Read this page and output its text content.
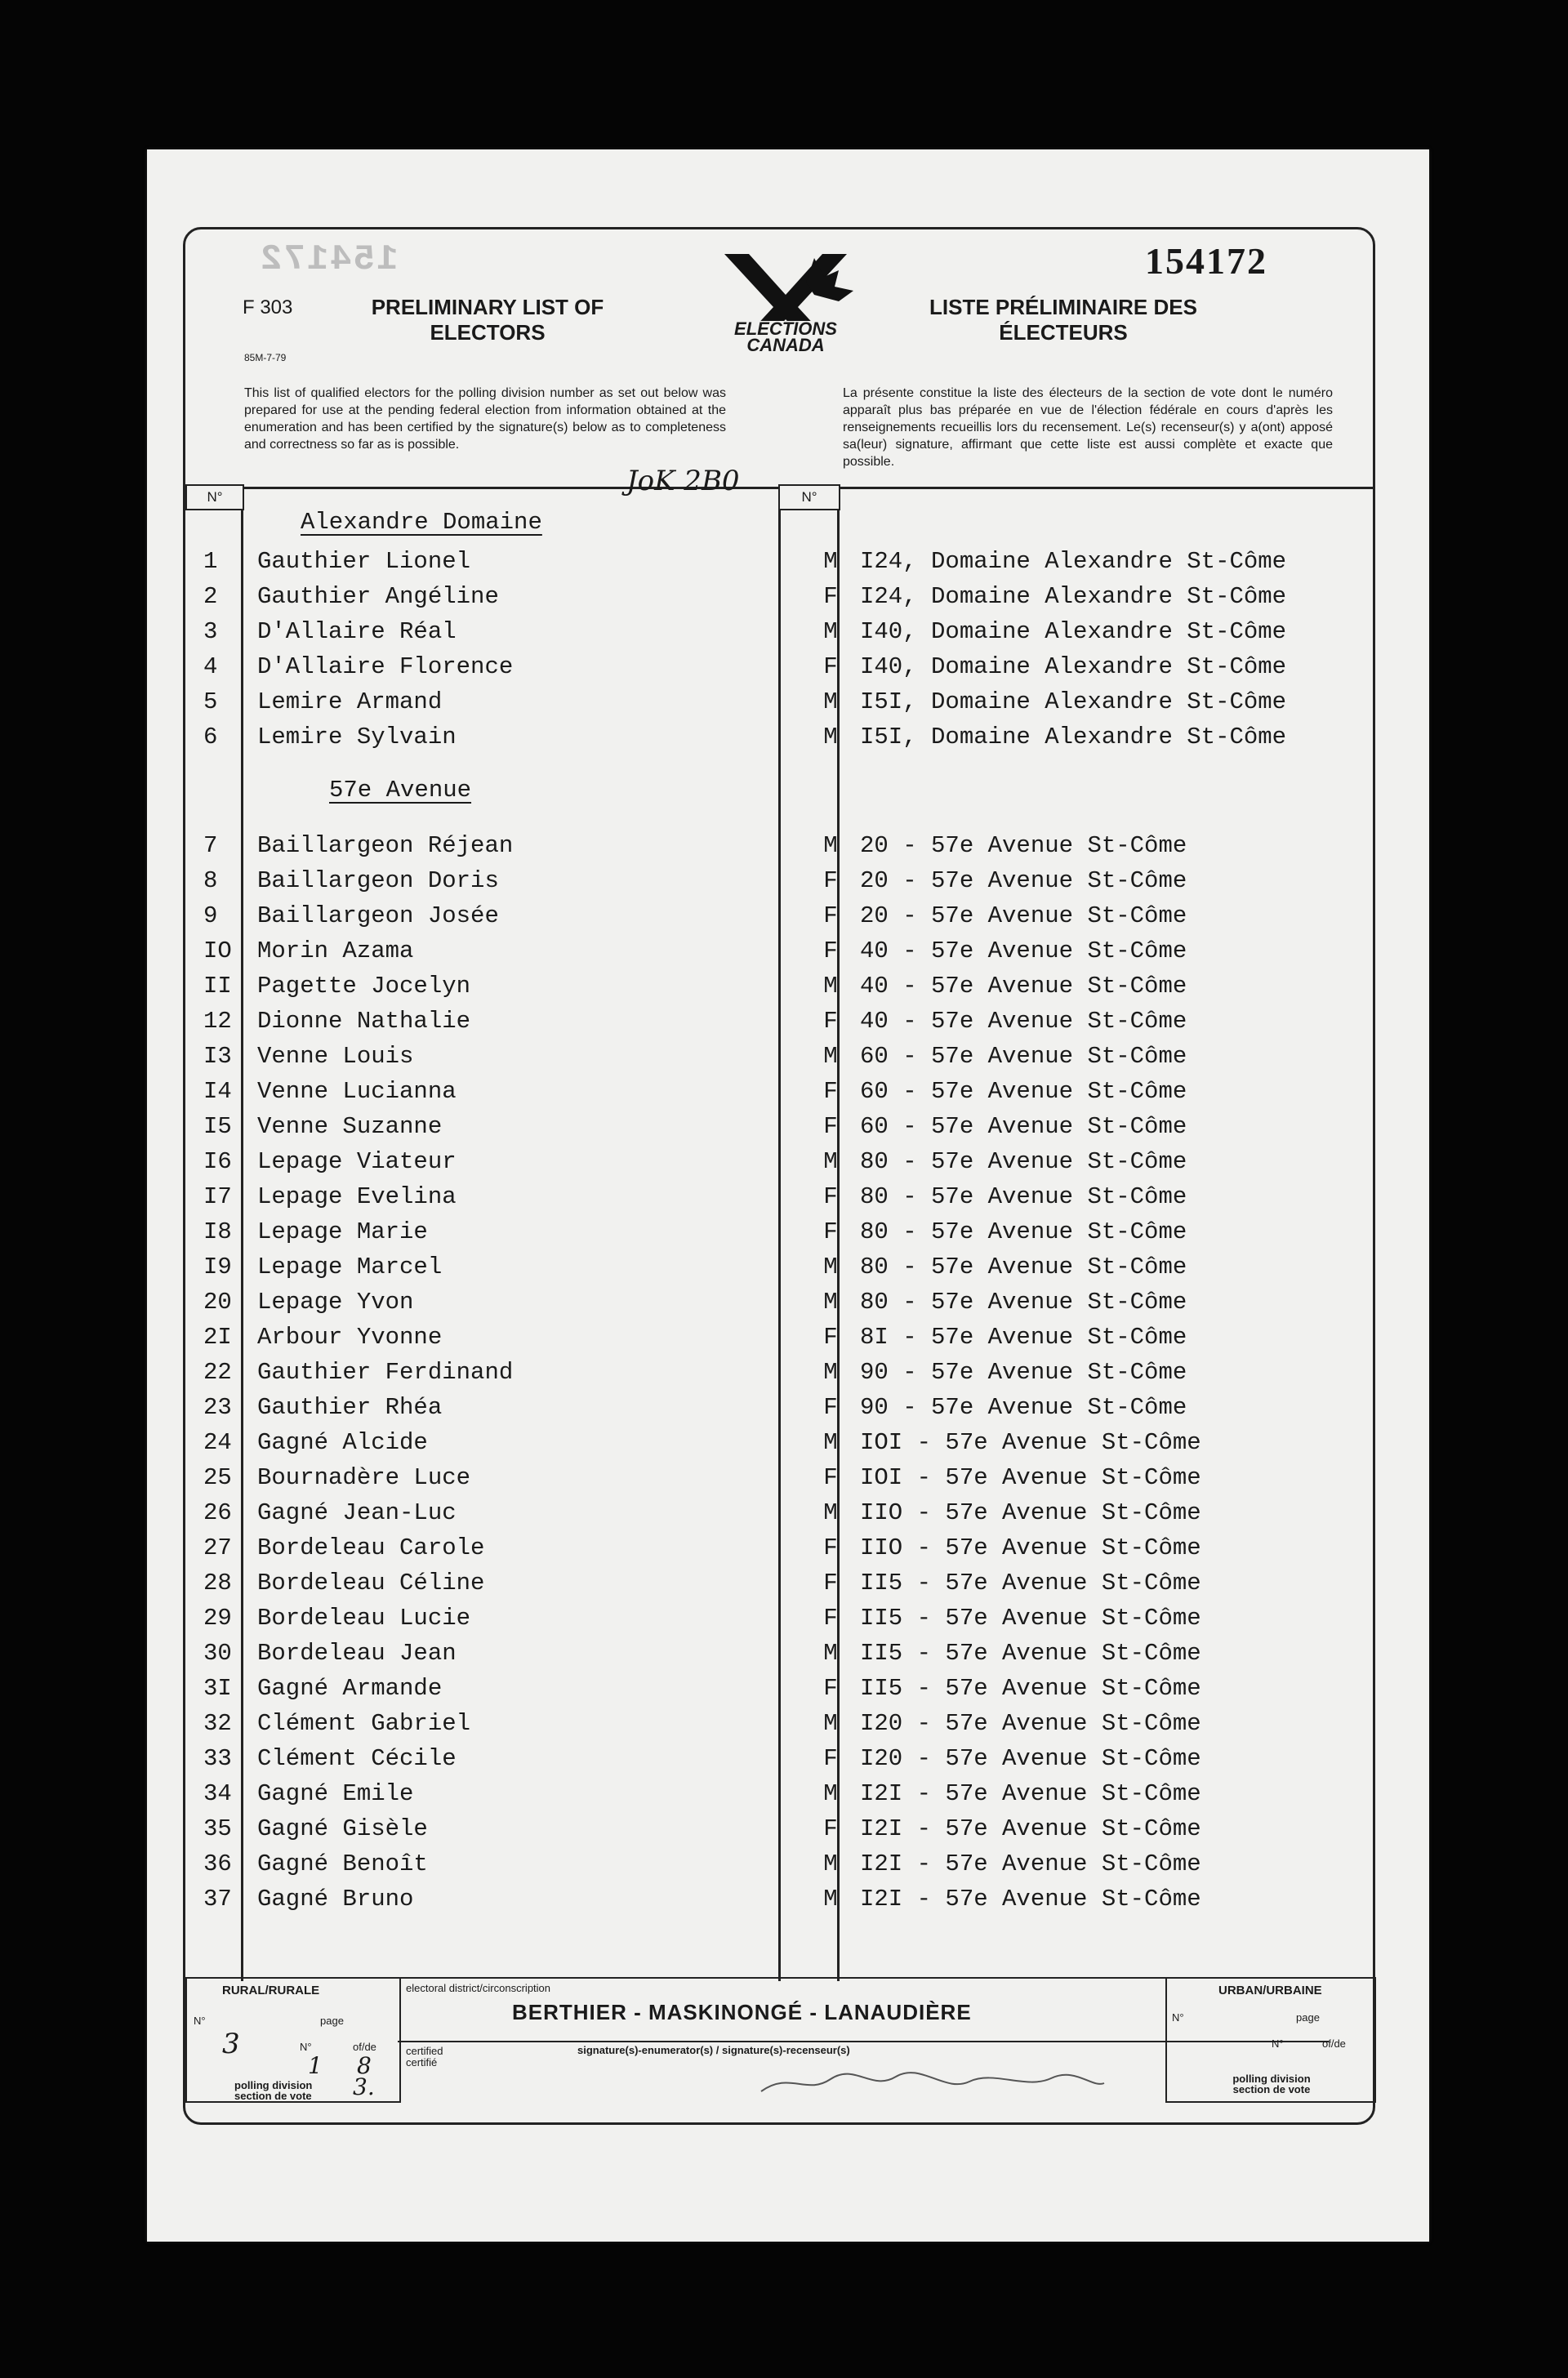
154172	154172
F 303
85M-7-79
PRELIMINARY LIST OF ELECTORS
LISTE PRÉLIMINAIRE DES ÉLECTEURS
ELECTIONS CANADA
This list of qualified electors for the polling division number as set out below was prepared for use at the pending federal election from information obtained at the enumeration and has been certified by the signature(s) below as to completeness and correctness so far as is possible.
La présente constitue la liste des électeurs de la section de vote dont le numéro apparaît plus bas préparée en vue de l'élection fédérale en cours d'après les renseignements recueillis lors du recensement. Le(s) recenseur(s) y a(ont) apposé sa(leur) signature, affirmant que cette liste est aussi complète et exacte que possible.
N°	N°
JoK 2B0
Alexandre Domaine
1	Gauthier Lionel	M I24, Domaine Alexandre St-Côme
2	Gauthier Angéline	F I24, Domaine Alexandre St-Côme
3	D'Allaire Réal	M I40, Domaine Alexandre St-Côme
4	D'Allaire Florence	F I40, Domaine Alexandre St-Côme
5	Lemire Armand	M I5I, Domaine Alexandre St-Côme
6	Lemire Sylvain	M I5I, Domaine Alexandre St-Côme
57e Avenue
7	Baillargeon Réjean	M 20 - 57e Avenue St-Côme
8	Baillargeon Doris	F 20 - 57e Avenue St-Côme
9	Baillargeon Josée	F 20 - 57e Avenue St-Côme
IO	Morin Azama	F 40 - 57e Avenue St-Côme
II	Pagette Jocelyn	M 40 - 57e Avenue St-Côme
12	Dionne Nathalie	F 40 - 57e Avenue St-Côme
I3	Venne Louis	M 60 - 57e Avenue St-Côme
I4	Venne Lucianna	F 60 - 57e Avenue St-Côme
I5	Venne Suzanne	F 60 - 57e Avenue St-Côme
I6	Lepage Viateur	M 80 - 57e Avenue St-Côme
I7	Lepage Evelina	F 80 - 57e Avenue St-Côme
I8	Lepage Marie	F 80 - 57e Avenue St-Côme
I9	Lepage Marcel	M 80 - 57e Avenue St-Côme
20	Lepage Yvon	M 80 - 57e Avenue St-Côme
2I	Arbour Yvonne	F 8I - 57e Avenue St-Côme
22	Gauthier Ferdinand	M 90 - 57e Avenue St-Côme
23	Gauthier Rhéa	F 90 - 57e Avenue St-Côme
24	Gagné Alcide	M IOI - 57e Avenue St-Côme
25	Bournadère Luce	F IOI - 57e Avenue St-Côme
26	Gagné Jean-Luc	M IIO - 57e Avenue St-Côme
27	Bordeleau Carole	F IIO - 57e Avenue St-Côme
28	Bordeleau Céline	F II5 - 57e Avenue St-Côme
29	Bordeleau Lucie	F II5 - 57e Avenue St-Côme
30	Bordeleau Jean	M II5 - 57e Avenue St-Côme
3I	Gagné Armande	F II5 - 57e Avenue St-Côme
32	Clément Gabriel	M I20 - 57e Avenue St-Côme
33	Clément Cécile	F I20 - 57e Avenue St-Côme
34	Gagné Emile	M I2I - 57e Avenue St-Côme
35	Gagné Gisèle	F I2I - 57e Avenue St-Côme
36	Gagné Benoît	M I2I - 57e Avenue St-Côme
37	Gagné Bruno	M I2I - 57e Avenue St-Côme
RURAL/RURALE
N°	page
N°	of/de
3
1 8
polling division section de vote	3.
electoral district/circonscription
BERTHIER - MASKINONGÉ - LANAUDIÈRE
certified certifié
signature(s)-enumerator(s) / signature(s)-recenseur(s)
URBAN/URBAINE
N°	page
N°	of/de
polling division section de vote
